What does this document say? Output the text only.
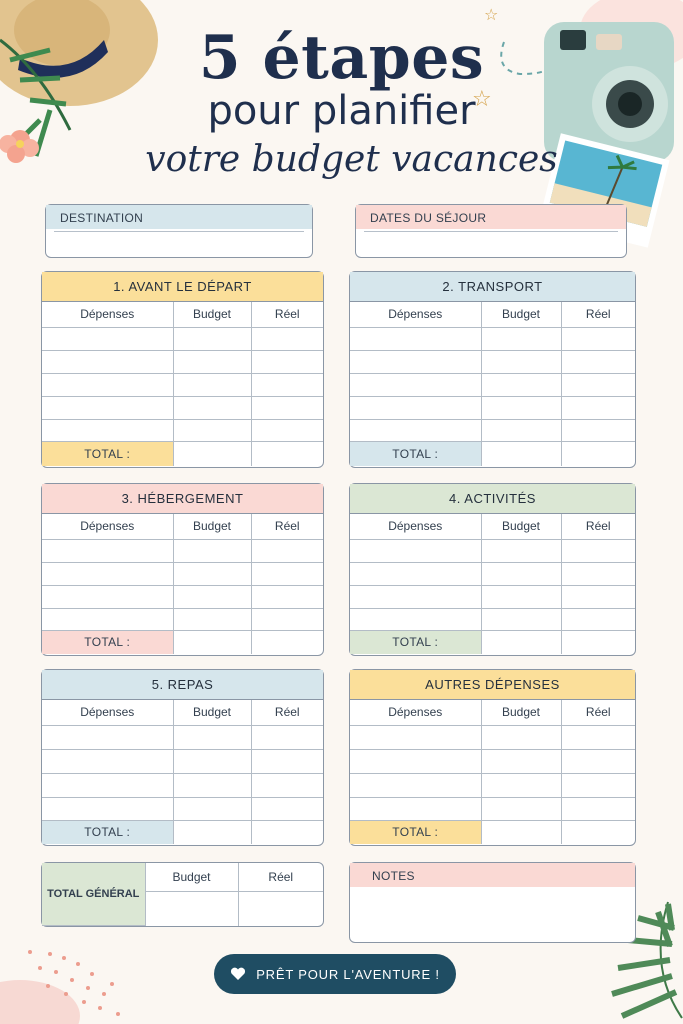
☆
☆
5 étapes
pour planifier
votre budget vacances
DESTINATION	DATES DU SÉJOUR
1. AVANT LE DÉPART
Dépenses	Budget	Réel

TOTAL :		
2. TRANSPORT
Dépenses	Budget	Réel

TOTAL :		
3. HÉBERGEMENT
Dépenses	Budget	Réel

TOTAL :		
4. ACTIVITÉS
Dépenses	Budget	Réel

TOTAL :		
5. REPAS
Dépenses	Budget	Réel

TOTAL :		
AUTRES DÉPENSES
Dépenses	Budget	Réel

TOTAL :		
TOTAL GÉNÉRAL	Budget	Réel
		NOTES
PRÊT POUR L'AVENTURE !
